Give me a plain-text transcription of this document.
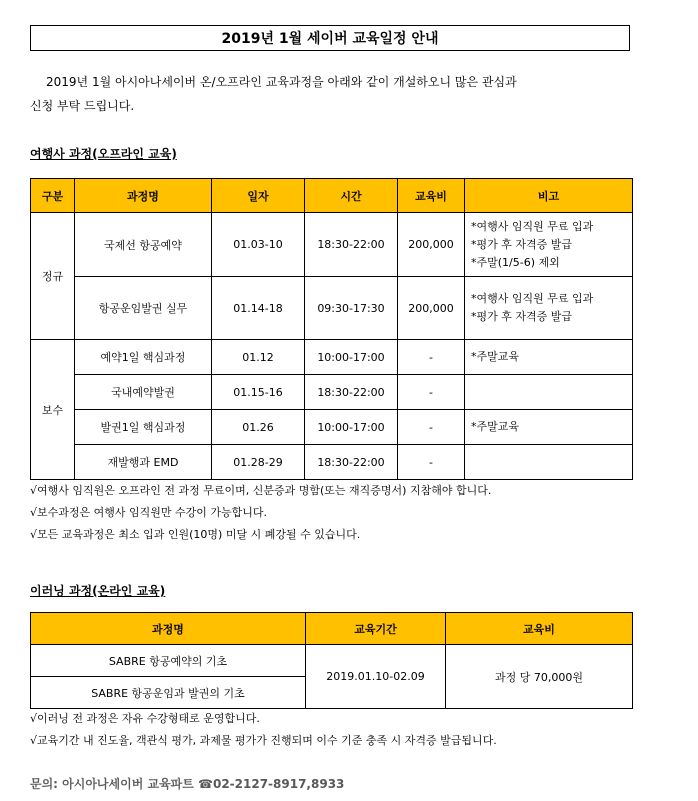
2019년 1월 세이버 교육일정 안내

2019년 1월 아시아나세이버 온/오프라인 교육과정을 아래와 같이 개설하오니 많은 관심과

신청 부탁 드립니다.

여행사 과정(오프라인 교육)
구분	과정명	일자	시간	교육비	비고
정규	국제선 항공예약	01.03-10	18:30-22:00	200,000	*여행사 임직원 무료 입과
*평가 후 자격증 발급
*주말(1/5-6) 제외

	항공운임발권 실무	01.14-18	09:30-17:30	200,000	*여행사 임직원 무료 입과
*평가 후 자격증 발급

보수	예약1일 핵심과정	01.12	10:00-17:00	-	*주말교육
	국내예약발권	01.15-16	18:30-22:00	-	
	발권1일 핵심과정	01.26	10:00-17:00	-	*주말교육
	재발행과 EMD	01.28-29	18:30-22:00	-	
√여행사 임직원은 오프라인 전 과정 무료이며, 신분증과 명함(또는 재직증명서) 지참해야 합니다.
√보수과정은 여행사 임직원만 수강이 가능합니다.
√모든 교육과정은 최소 입과 인원(10명) 미달 시 폐강될 수 있습니다.
이러닝 과정(온라인 교육)
과정명	교육기간	교육비
SABRE 항공예약의 기초	2019.01.10-02.09	과정 당 70,000원
SABRE 항공운임과 발권의 기초		
√이러닝 전 과정은 자유 수강형태로 운영합니다.
√교육기간 내 진도율, 객관식 평가, 과제물 평가가 진행되며 이수 기준 충족 시 자격증 발급됩니다.
문의: 아시아나세이버 교육파트 ☎02-2127-8917,8933
